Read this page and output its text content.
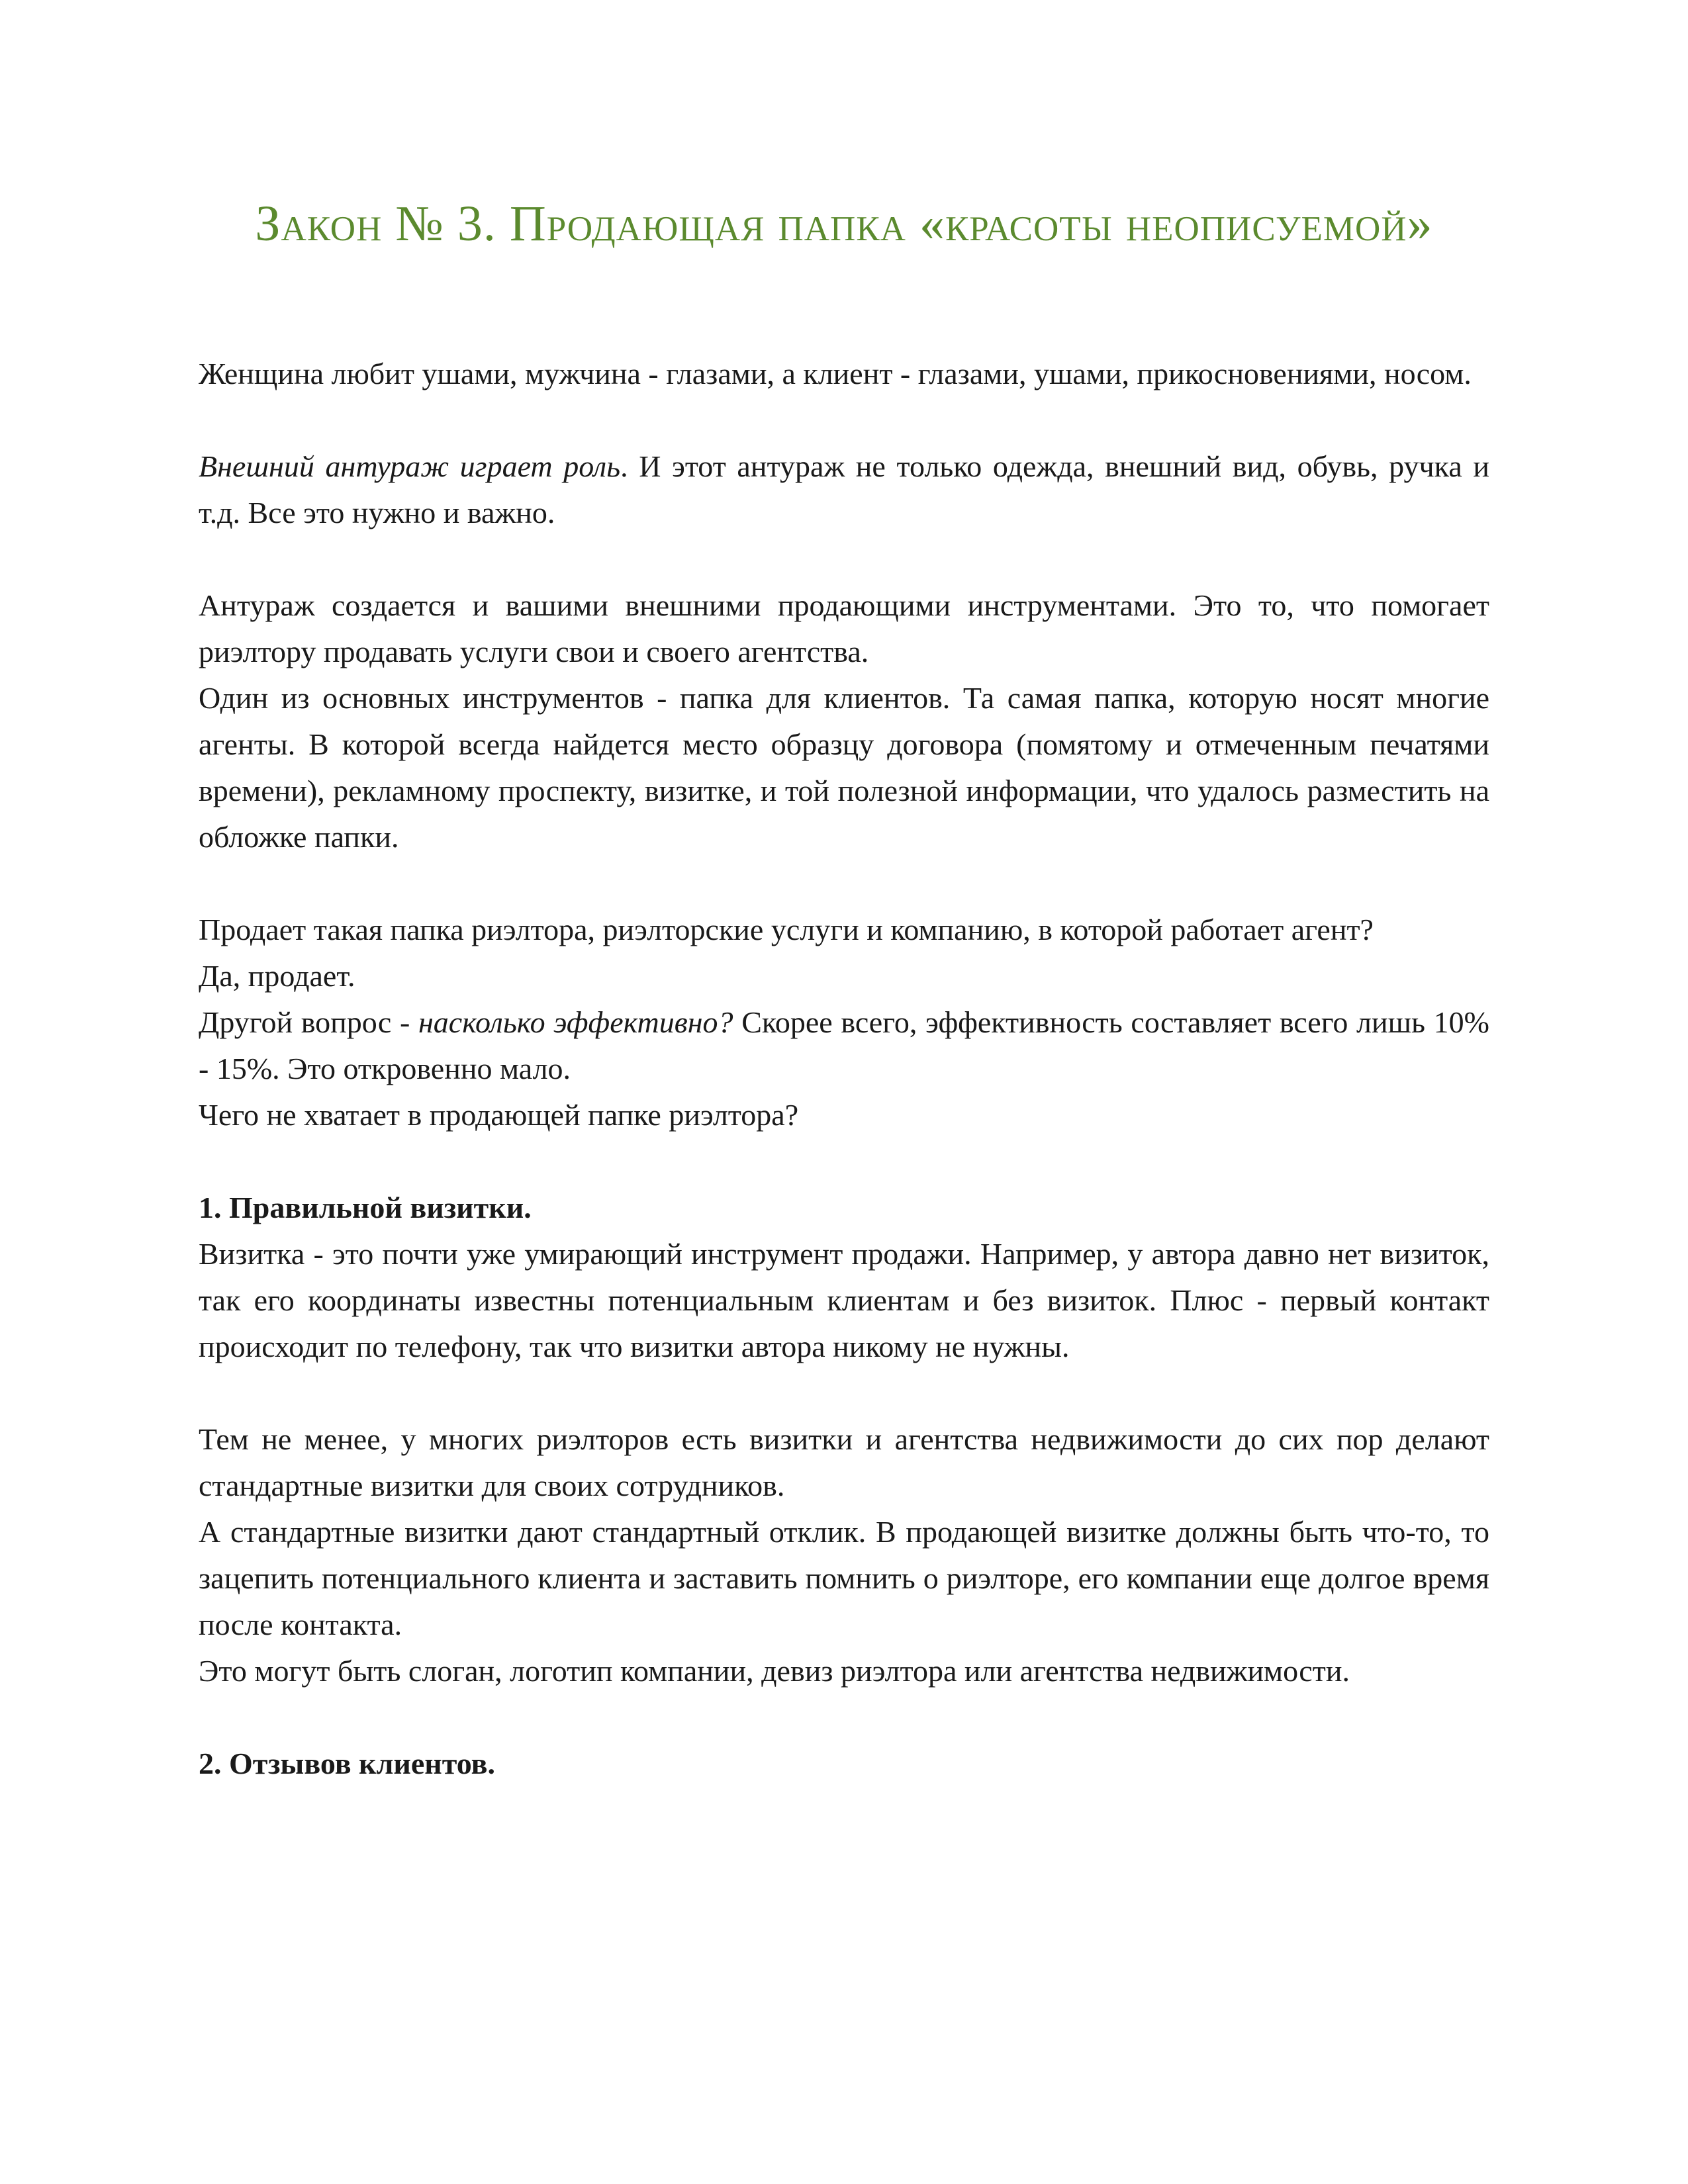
Закон № 3. Продающая папка «красоты неописуемой»

Женщина любит ушами, мужчина - глазами, а клиент - глазами, ушами, прикосновениями, носом.

Внешний антураж играет роль. И этот антураж не только одежда, внешний вид, обувь, ручка и т.д. Все это нужно и важно.

Антураж создается и вашими внешними продающими инструментами. Это то, что помогает риэлтору продавать услуги свои и своего агентства.

Один из основных инструментов - папка для клиентов. Та самая папка, которую носят многие агенты. В которой всегда найдется место образцу договора (помятому и отмеченным печатями времени), рекламному проспекту, визитке, и той полезной информации, что удалось разместить на обложке папки.

Продает такая папка риэлтора, риэлторские услуги и компанию, в которой работает агент?

Да, продает.

Другой вопрос - насколько эффективно? Скорее всего, эффективность составляет всего лишь 10% - 15%. Это откровенно мало.

Чего не хватает в продающей папке риэлтора?

1. Правильной визитки.

Визитка - это почти уже умирающий инструмент продажи. Например, у автора давно нет визиток, так его координаты известны потенциальным клиентам и без визиток. Плюс - первый контакт происходит по телефону, так что визитки автора никому не нужны.

Тем не менее, у многих риэлторов есть визитки и агентства недвижимости до сих пор делают стандартные визитки для своих сотрудников.

А стандартные визитки дают стандартный отклик. В продающей визитке должны быть что-то, то зацепить потенциального клиента и заставить помнить о риэлторе, его компании еще долгое время после контакта.

Это могут быть слоган, логотип компании, девиз риэлтора или агентства недвижимости.

2. Отзывов клиентов.
